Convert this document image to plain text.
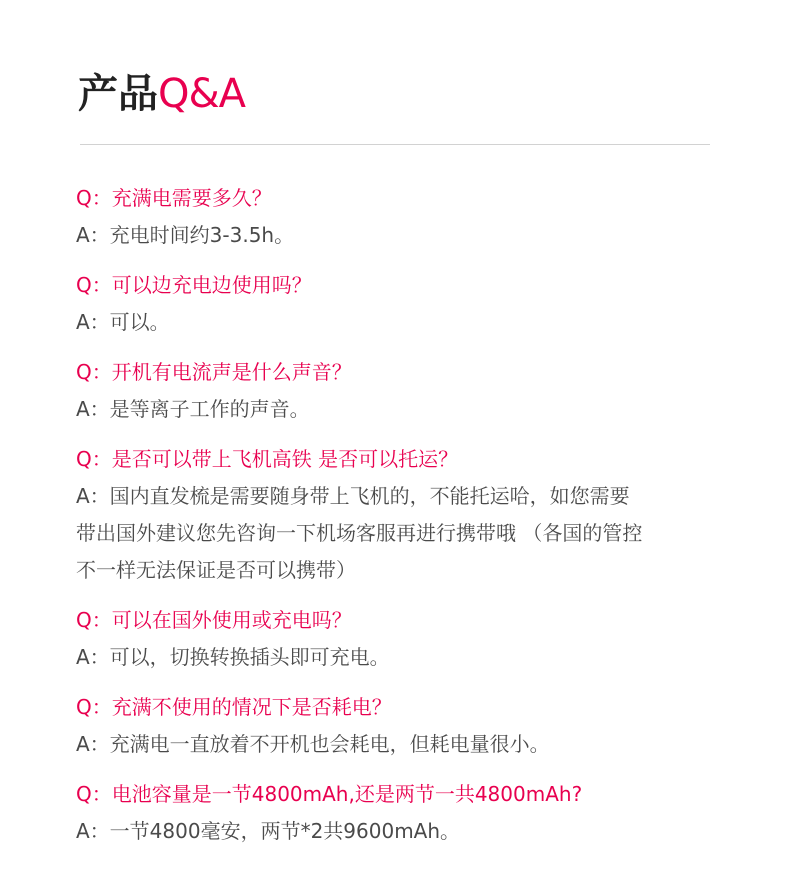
产品Q&A
Q：充满电需要多久？
A：充电时间约3-3.5h。
Q：可以边充电边使用吗？
A：可以。
Q：开机有电流声是什么声音？
A：是等离子工作的声音。
Q：是否可以带上飞机高铁 是否可以托运？
A：国内直发梳是需要随身带上飞机的，不能托运哈，如您需要
带出国外建议您先咨询一下机场客服再进行携带哦 （各国的管控
不一样无法保证是否可以携带）
Q：可以在国外使用或充电吗？
A：可以，切换转换插头即可充电。
Q：充满不使用的情况下是否耗电？
A：充满电一直放着不开机也会耗电，但耗电量很小。
Q：电池容量是一节4800mAh,还是两节一共4800mAh?
A：一节4800毫安，两节*2共9600mAh。
